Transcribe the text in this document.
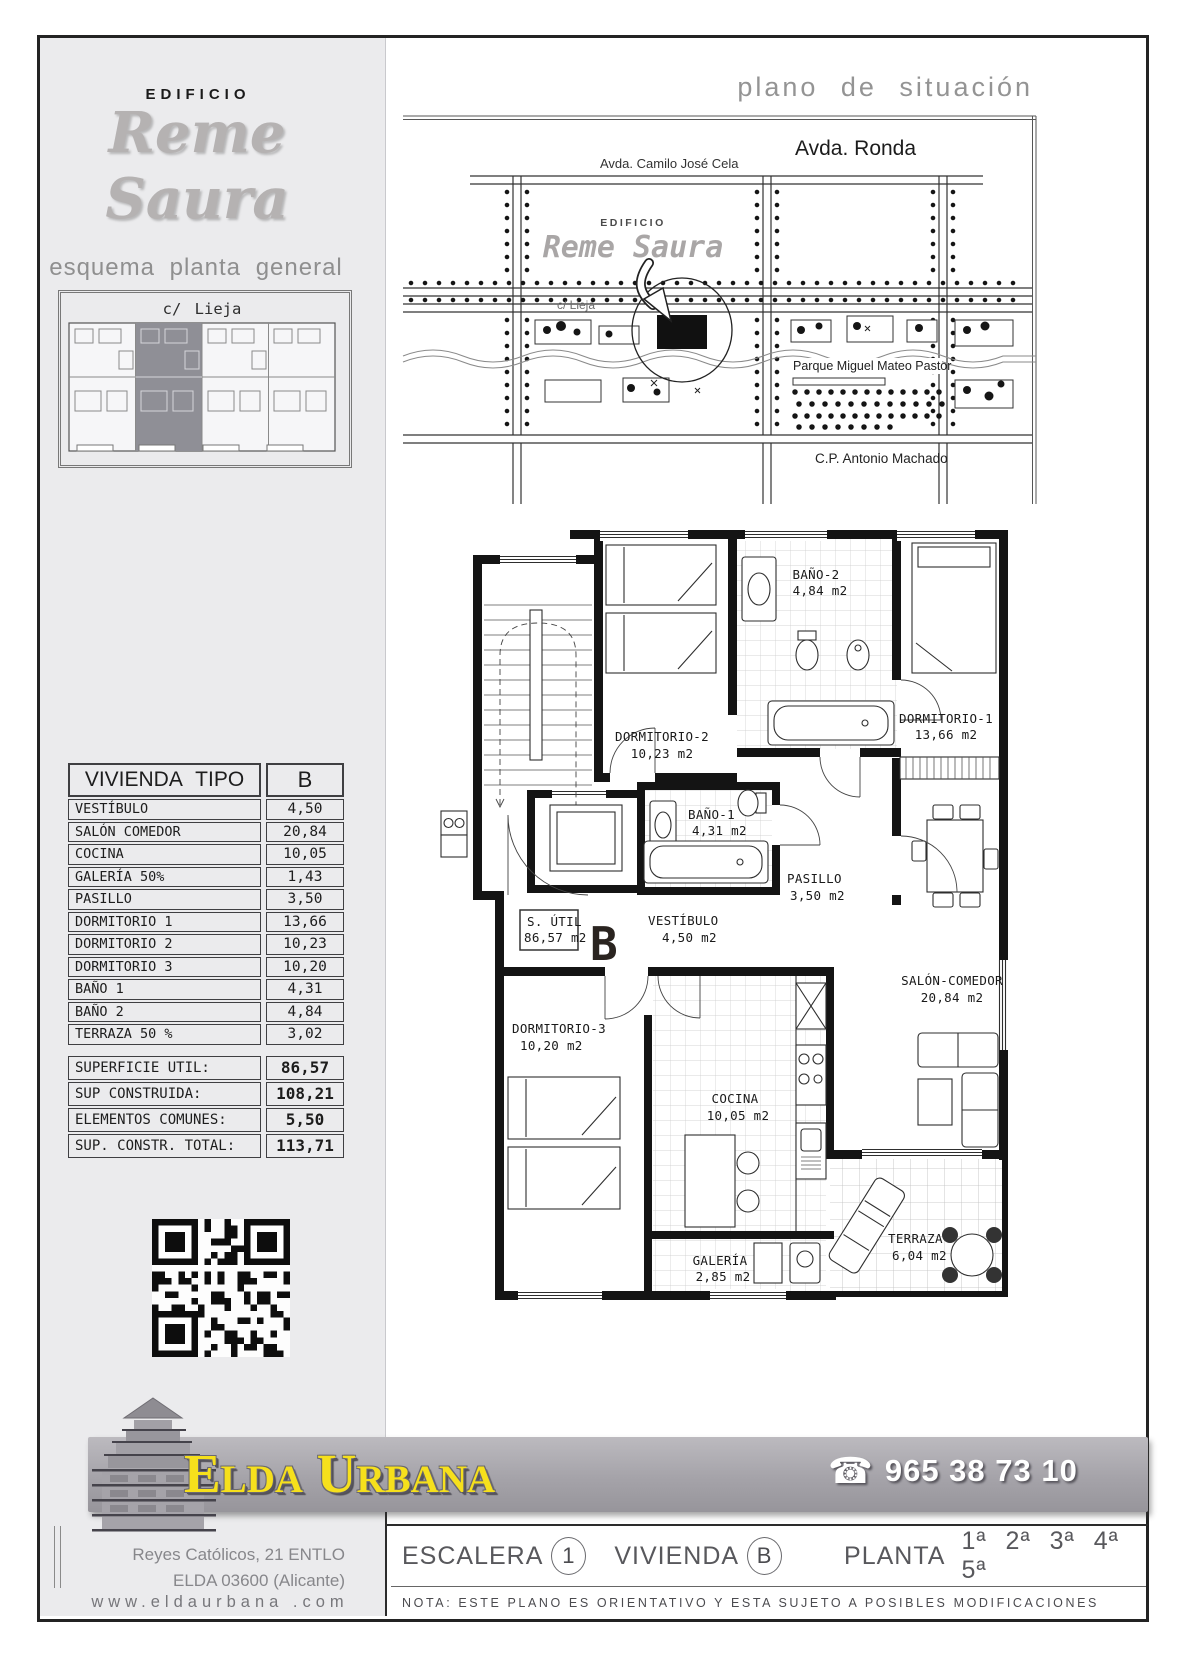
EDIFICIO
Reme Saura
esquema planta general
c/ Lieja
VIVIENDA TIPO	B
VESTÍBULO	4,50
SALÓN COMEDOR	20,84
COCINA	10,05
GALERÍA 50%	1,43
PASILLO	3,50
DORMITORIO 1	13,66
DORMITORIO 2	10,23
DORMITORIO 3	10,20
BAÑO 1	4,31
BAÑO 2	4,84
TERRAZA 50 %	3,02
SUPERFICIE UTIL:	86,57
SUP CONSTRUIDA:	108,21
ELEMENTOS COMUNES:	5,50
SUP. CONSTR. TOTAL:	113,71
plano de situación
Avda. Ronda
Avda. Camilo José Cela
c/ Lieja
EDIFICIO
Reme Saura
Parque Miguel Mateo Pastor
C.P. Antonio Machado
DORMITORIO-2
10,23 m2
BAÑO-2
4,84 m2
DORMITORIO-1
13,66 m2
BAÑO-1
4,31 m2
PASILLO
3,50 m2
VESTÍBULO
4,50 m2
SALÓN-COMEDOR
20,84 m2
DORMITORIO-3
10,20 m2
COCINA
10,05 m2
GALERÍA
2,85 m2
TERRAZA
6,04 m2
S. ÚTIL
86,57 m2 B
Elda Urbana	☎ 965 38 73 10
Reyes Católicos, 21 ENTLO
ELDA 03600 (Alicante)
www.eldaurbana .com
ESCALERA 1	VIVIENDA B	PLANTA
1ª 2ª 3ª 4ª 5ª
NOTA: ESTE PLANO ES ORIENTATIVO Y ESTA SUJETO A POSIBLES MODIFICACIONES
